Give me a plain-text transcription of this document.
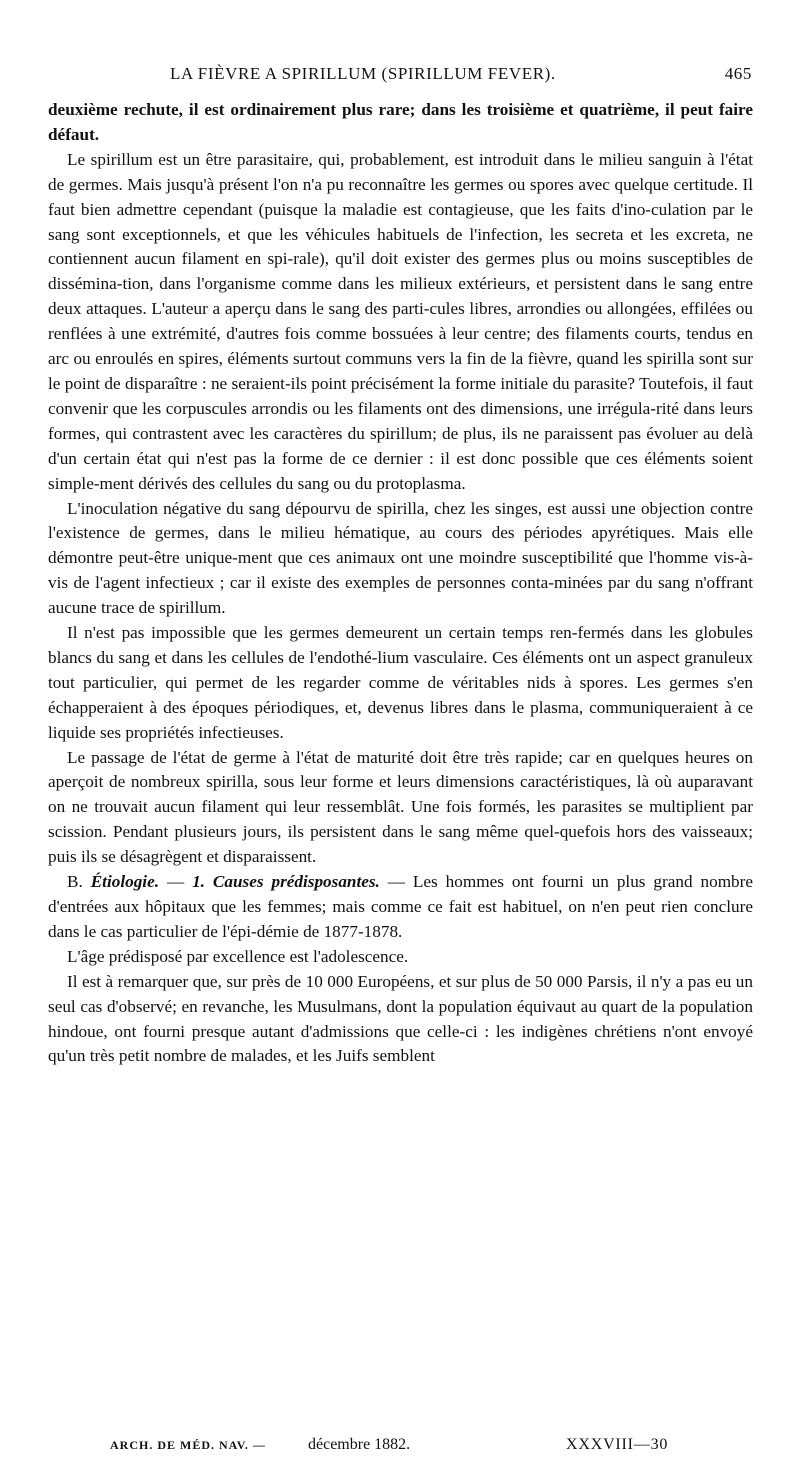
LA FIÈVRE A SPIRILLUM (SPIRILLUM FEVER).	465

deuxième rechute, il est ordinairement plus rare; dans les troisième et quatrième, il peut faire défaut.

Le spirillum est un être parasitaire, qui, probablement, est introduit dans le milieu sanguin à l'état de germes. Mais jusqu'à présent l'on n'a pu reconnaître les germes ou spores avec quelque certitude. Il faut bien admettre cependant (puisque la maladie est contagieuse, que les faits d'ino-culation par le sang sont exceptionnels, et que les véhicules habituels de l'infection, les secreta et les excreta, ne contiennent aucun filament en spi-rale), qu'il doit exister des germes plus ou moins susceptibles de dissémina-tion, dans l'organisme comme dans les milieux extérieurs, et persistent dans le sang entre deux attaques. L'auteur a aperçu dans le sang des parti-cules libres, arrondies ou allongées, effilées ou renflées à une extrémité, d'autres fois comme bossuées à leur centre; des filaments courts, tendus en arc ou enroulés en spires, éléments surtout communs vers la fin de la fièvre, quand les spirilla sont sur le point de disparaître : ne seraient-ils point précisément la forme initiale du parasite? Toutefois, il faut convenir que les corpuscules arrondis ou les filaments ont des dimensions, une irrégula-rité dans leurs formes, qui contrastent avec les caractères du spirillum; de plus, ils ne paraissent pas évoluer au delà d'un certain état qui n'est pas la forme de ce dernier : il est donc possible que ces éléments soient simple-ment dérivés des cellules du sang ou du protoplasma.

L'inoculation négative du sang dépourvu de spirilla, chez les singes, est aussi une objection contre l'existence de germes, dans le milieu hématique, au cours des périodes apyrétiques. Mais elle démontre peut-être unique-ment que ces animaux ont une moindre susceptibilité que l'homme vis-à-vis de l'agent infectieux ; car il existe des exemples de personnes conta-minées par du sang n'offrant aucune trace de spirillum.

Il n'est pas impossible que les germes demeurent un certain temps ren-fermés dans les globules blancs du sang et dans les cellules de l'endothé-lium vasculaire. Ces éléments ont un aspect granuleux tout particulier, qui permet de les regarder comme de véritables nids à spores. Les germes s'en échapperaient à des époques périodiques, et, devenus libres dans le plasma, communiqueraient à ce liquide ses propriétés infectieuses.

Le passage de l'état de germe à l'état de maturité doit être très rapide; car en quelques heures on aperçoit de nombreux spirilla, sous leur forme et leurs dimensions caractéristiques, là où auparavant on ne trouvait aucun filament qui leur ressemblât. Une fois formés, les parasites se multiplient par scission. Pendant plusieurs jours, ils persistent dans le sang même quel-quefois hors des vaisseaux; puis ils se désagrègent et disparaissent.

B. Étiologie. — 1. Causes prédisposantes. — Les hommes ont fourni un plus grand nombre d'entrées aux hôpitaux que les femmes; mais comme ce fait est habituel, on n'en peut rien conclure dans le cas particulier de l'épi-démie de 1877-1878.

L'âge prédisposé par excellence est l'adolescence.

Il est à remarquer que, sur près de 10 000 Européens, et sur plus de 50 000 Parsis, il n'y a pas eu un seul cas d'observé; en revanche, les Musulmans, dont la population équivaut au quart de la population hindoue, ont fourni presque autant d'admissions que celle-ci : les indigènes chrétiens n'ont envoyé qu'un très petit nombre de malades, et les Juifs semblent

ARCH. DE MÉD. NAV. —	décembre 1882.	XXXVIII—30
